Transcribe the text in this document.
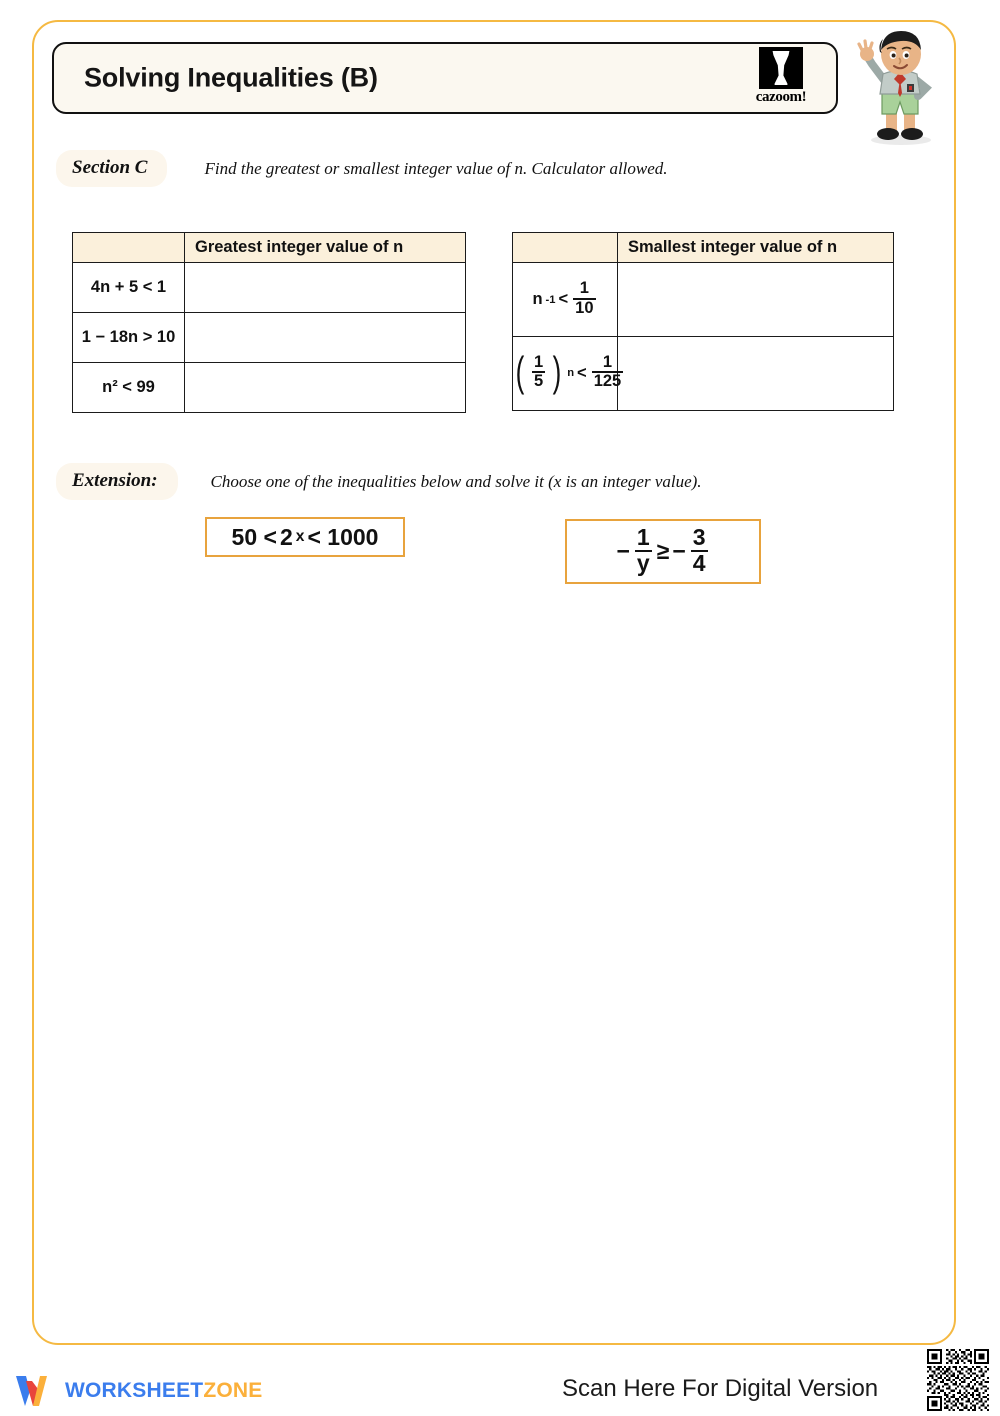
Solving Inequalities (B)
cazoom!
Section C	Find the greatest or smallest integer value of n. Calculator allowed.
	Greatest integer value of n
4n + 5 < 1	
1 − 18n > 10	
n² < 99	
	Smallest integer value of n

n $-1 < \frac{1}{10}$

( $\frac{1}{5}$ ) $n < \frac{1}{125}$

Extension:	Choose one of the inequalities below and solve it (x is an integer value).
50 < 2 x < 1000
− $\frac{1}{y}$ ≥ − $\frac{3}{4}$
WORKSHEETZONE	Scan Here For Digital Version
